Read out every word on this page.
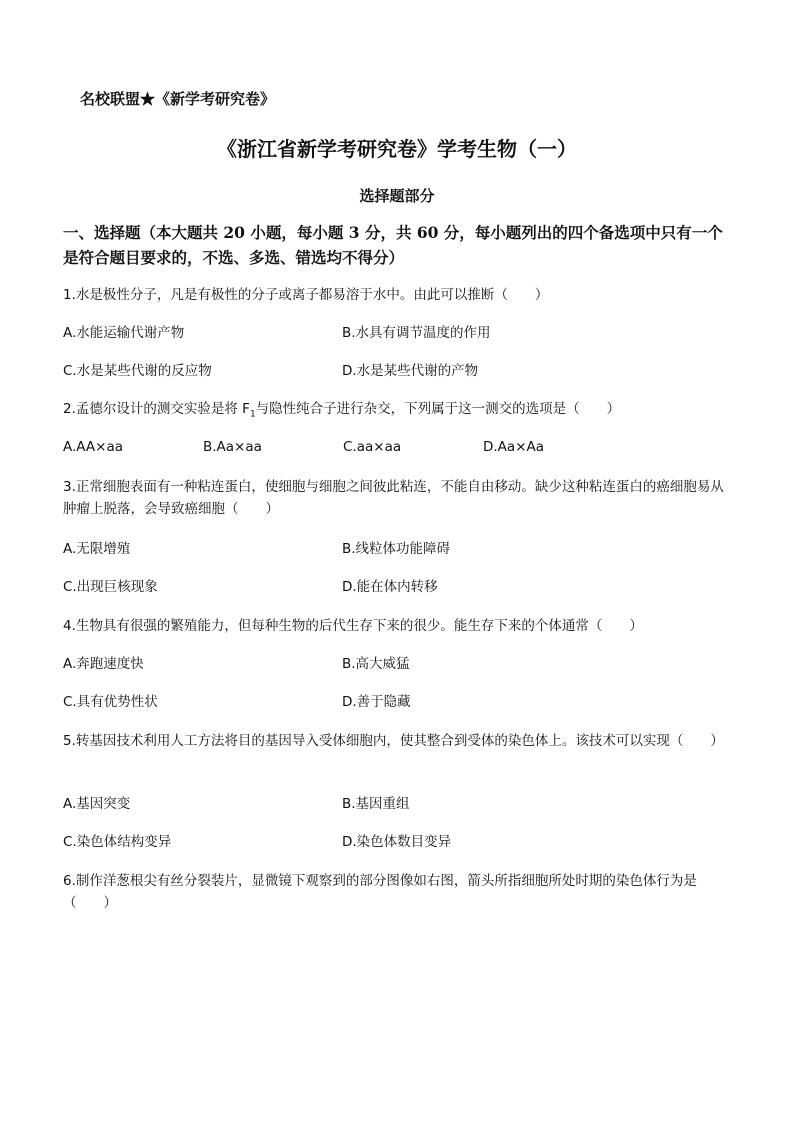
名校联盟★《新学考研究卷》
《浙江省新学考研究卷》学考生物（一）
选择题部分
一、选择题（本大题共 20 小题，每小题 3 分，共 60 分，每小题列出的四个备选项中只有一个是符合题目要求的，不选、多选、错选均不得分）
1.水是极性分子，凡是有极性的分子或离子都易溶于水中。由此可以推断（　　）
A.水能运输代谢产物	B.水具有调节温度的作用
C.水是某些代谢的反应物	D.水是某些代谢的产物
2.孟德尔设计的测交实验是将 $F_1$与隐性纯合子进行杂交，下列属于这一测交的选项是（　　）
A.AA×aa	B.Aa×aa	C.aa×aa	D.Aa×Aa
3.正常细胞表面有一种粘连蛋白，使细胞与细胞之间彼此粘连，不能自由移动。缺少这种粘连蛋白的癌细胞易从肿瘤上脱落，会导致癌细胞（　　）
A.无限增殖	B.线粒体功能障碍
C.出现巨核现象	D.能在体内转移
4.生物具有很强的繁殖能力，但每种生物的后代生存下来的很少。能生存下来的个体通常（　　）
A.奔跑速度快	B.高大威猛
C.具有优势性状	D.善于隐藏
5.转基因技术利用人工方法将目的基因导入受体细胞内，使其整合到受体的染色体上。该技术可以实现（　　）
A.基因突变	B.基因重组
C.染色体结构变异	D.染色体数目变异
6.制作洋葱根尖有丝分裂装片，显微镜下观察到的部分图像如右图，箭头所指细胞所处时期的染色体行为是（　　）
